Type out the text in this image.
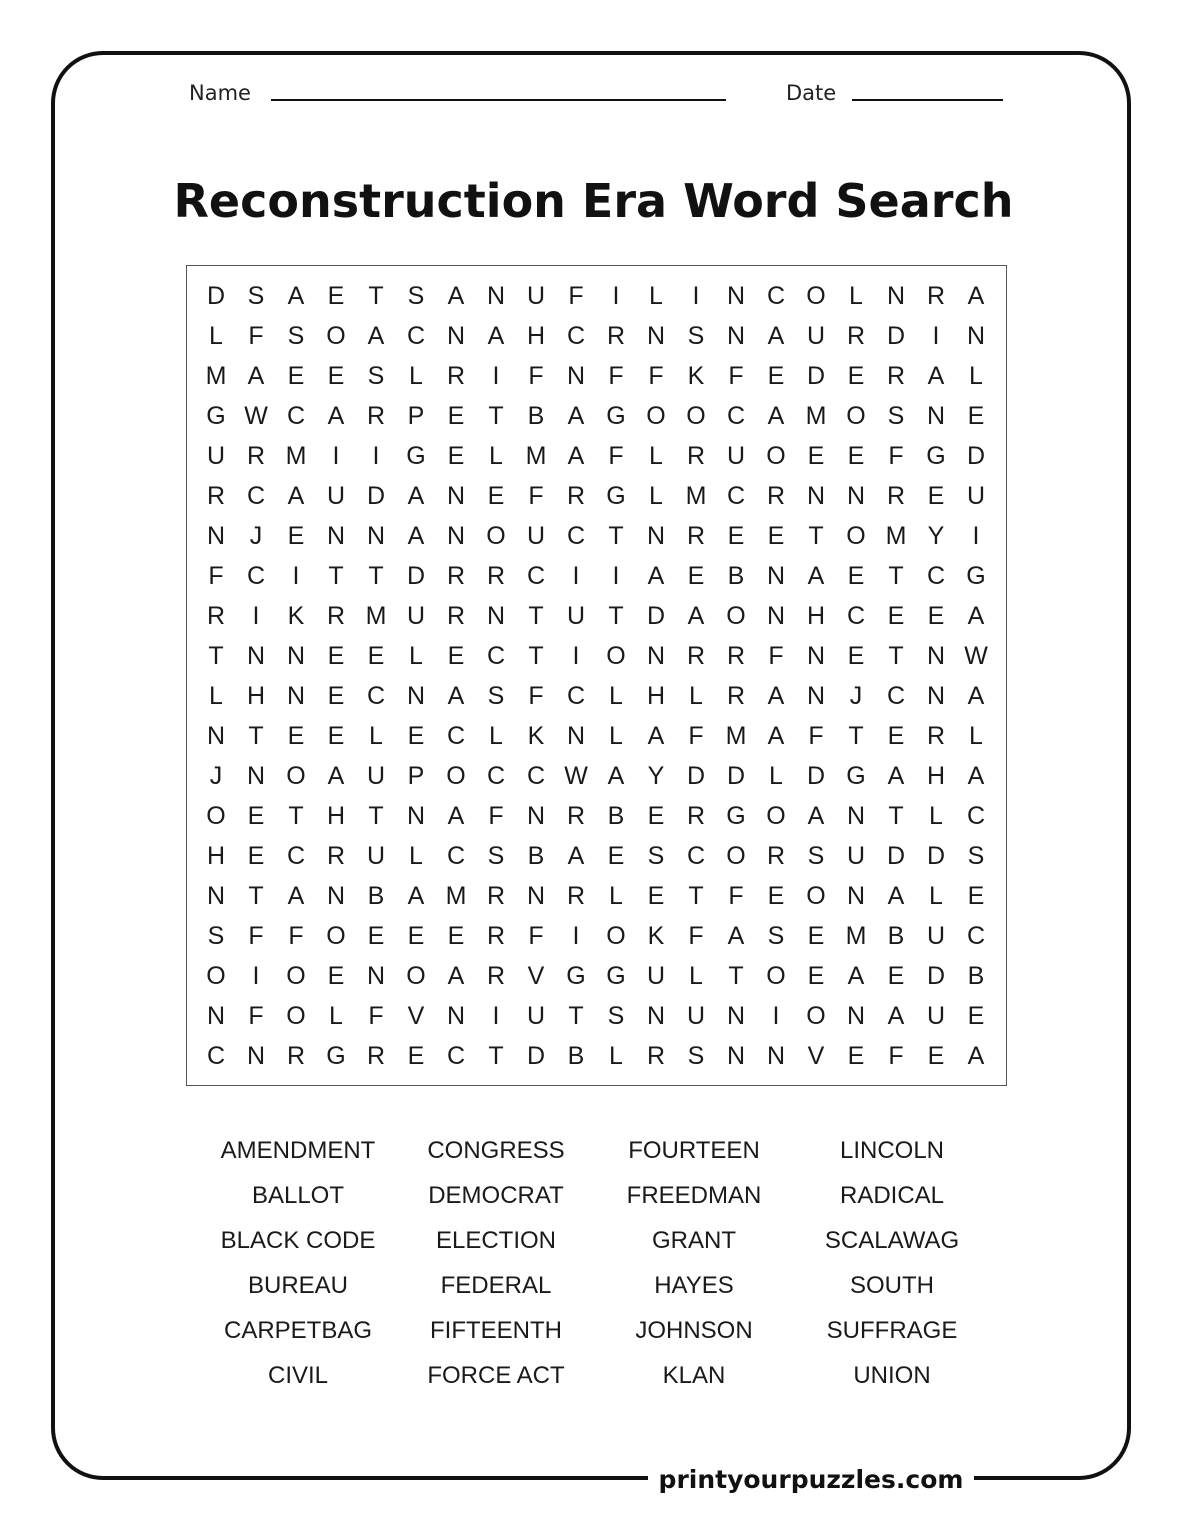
printyourpuzzles.com
Name	Date
Reconstruction Era Word Search
D S A E T S A N U F	I	L	I	N C O L N R A
L	F S O A C N A H C R N S N A U R D	I	N
M A E E S L R	I	F N F F K F E D E R A L
G W C A R P E T B A G O O C A M O S N E
U R M	I	I	G E L M A F	L R U O E E F G D
R C A U D A N E F R G L M C R N N R E U
N J	E N N A N O U C T N R E E T O M Y	I
F C	I	T T D R R C	I	I	A E B N A E T C G
R	I	K R M U R N T U T D A O N H C E E A
T N N E E L E C T	I	O N R R F N E T N W
L H N E C N A S F C L H L R A N J C N A
N T E E L E C L K N L A F M A F T E R L
J N O A U P O C C W A Y D D L D G A H A
O E T H T N A F N R B E R G O A N T	L C
H E C R U L C S B A E S C O R S U D D S
N T A N B A M R N R L E T F E O N A L E
S F F O E E E R F	I	O K F A S E M B U C
O	I	O E N O A R V G G U L	T O E A E D B
N F O L	F V N	I	U T S N U N	I	O N A U E
C N R G R E C T D B L R S N N V E F E A
AMENDMENT	CONGRESS	FOURTEEN	LINCOLN
BALLOT	DEMOCRAT	FREEDMAN	RADICAL
BLACK CODE	ELECTION	GRANT	SCALAWAG
BUREAU	FEDERAL	HAYES	SOUTH
CARPETBAG	FIFTEENTH	JOHNSON	SUFFRAGE
CIVIL	FORCE ACT	KLAN	UNION
